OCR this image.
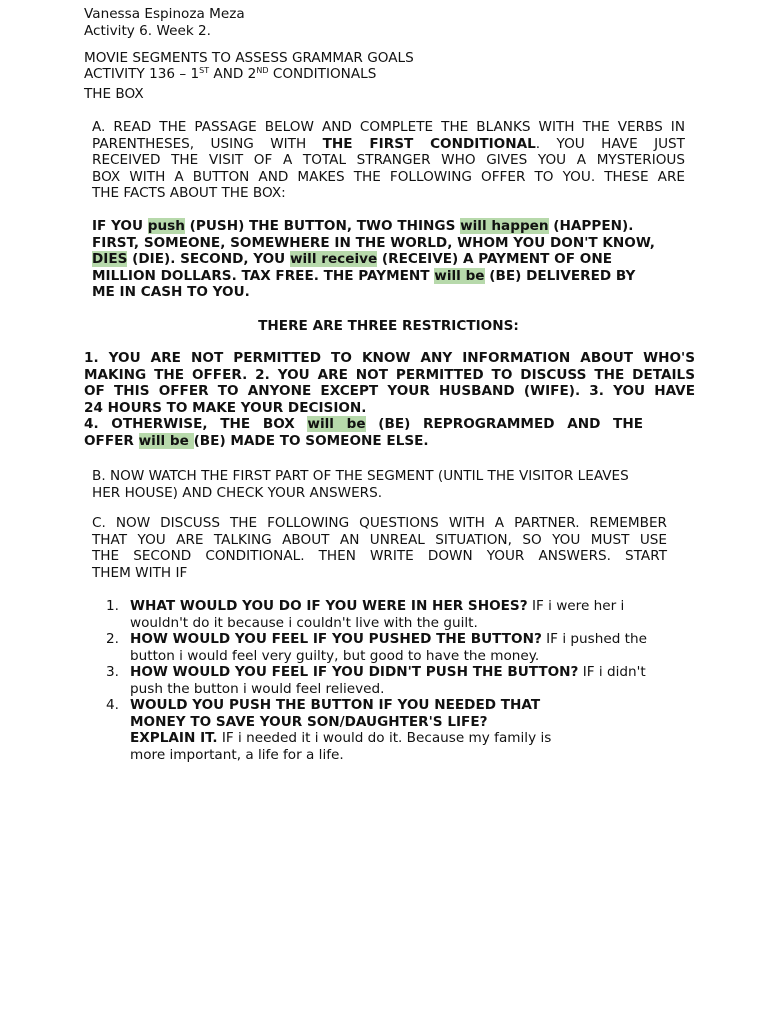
Vanessa Espinoza Meza
Activity 6. Week 2.
MOVIE SEGMENTS TO ASSESS GRAMMAR GOALS
ACTIVITY 136 – 1ST AND 2ND CONDITIONALS
THE BOX
A. READ THE PASSAGE BELOW AND COMPLETE THE BLANKS WITH THE VERBS IN
PARENTHESES, USING WITH THE FIRST CONDITIONAL. YOU HAVE JUST
RECEIVED THE VISIT OF A TOTAL STRANGER WHO GIVES YOU A MYSTERIOUS
BOX WITH A BUTTON AND MAKES THE FOLLOWING OFFER TO YOU. THESE ARE
THE FACTS ABOUT THE BOX:
IF YOU push (PUSH) THE BUTTON, TWO THINGS will happen (HAPPEN).
FIRST, SOMEONE, SOMEWHERE IN THE WORLD, WHOM YOU DON'T KNOW,
DIES (DIE). SECOND, YOU will receive (RECEIVE) A PAYMENT OF ONE
MILLION DOLLARS. TAX FREE. THE PAYMENT will be (BE) DELIVERED BY
ME IN CASH TO YOU.
THERE ARE THREE RESTRICTIONS:
1. YOU ARE NOT PERMITTED TO KNOW ANY INFORMATION ABOUT WHO'S
MAKING THE OFFER. 2. YOU ARE NOT PERMITTED TO DISCUSS THE DETAILS
OF THIS OFFER TO ANYONE EXCEPT YOUR HUSBAND (WIFE). 3. YOU HAVE
24 HOURS TO MAKE YOUR DECISION.
4. OTHERWISE, THE BOX will be (BE) REPROGRAMMED AND THE
OFFER will be (BE) MADE TO SOMEONE ELSE.
B. NOW WATCH THE FIRST PART OF THE SEGMENT (UNTIL THE VISITOR LEAVES
HER HOUSE) AND CHECK YOUR ANSWERS.
C. NOW DISCUSS THE FOLLOWING QUESTIONS WITH A PARTNER. REMEMBER
THAT YOU ARE TALKING ABOUT AN UNREAL SITUATION, SO YOU MUST USE
THE SECOND CONDITIONAL. THEN WRITE DOWN YOUR ANSWERS. START
THEM WITH IF
1. WHAT WOULD YOU DO IF YOU WERE IN HER SHOES? IF i were her i
wouldn't do it because i couldn't live with the guilt.
2. HOW WOULD YOU FEEL IF YOU PUSHED THE BUTTON? IF i pushed the
button i would feel very guilty, but good to have the money.
3. HOW WOULD YOU FEEL IF YOU DIDN'T PUSH THE BUTTON? IF i didn't
push the button i would feel relieved.
4. WOULD YOU PUSH THE BUTTON IF YOU NEEDED THAT
MONEY TO SAVE YOUR SON/DAUGHTER'S LIFE?
EXPLAIN IT. IF i needed it i would do it. Because my family is
more important, a life for a life.
